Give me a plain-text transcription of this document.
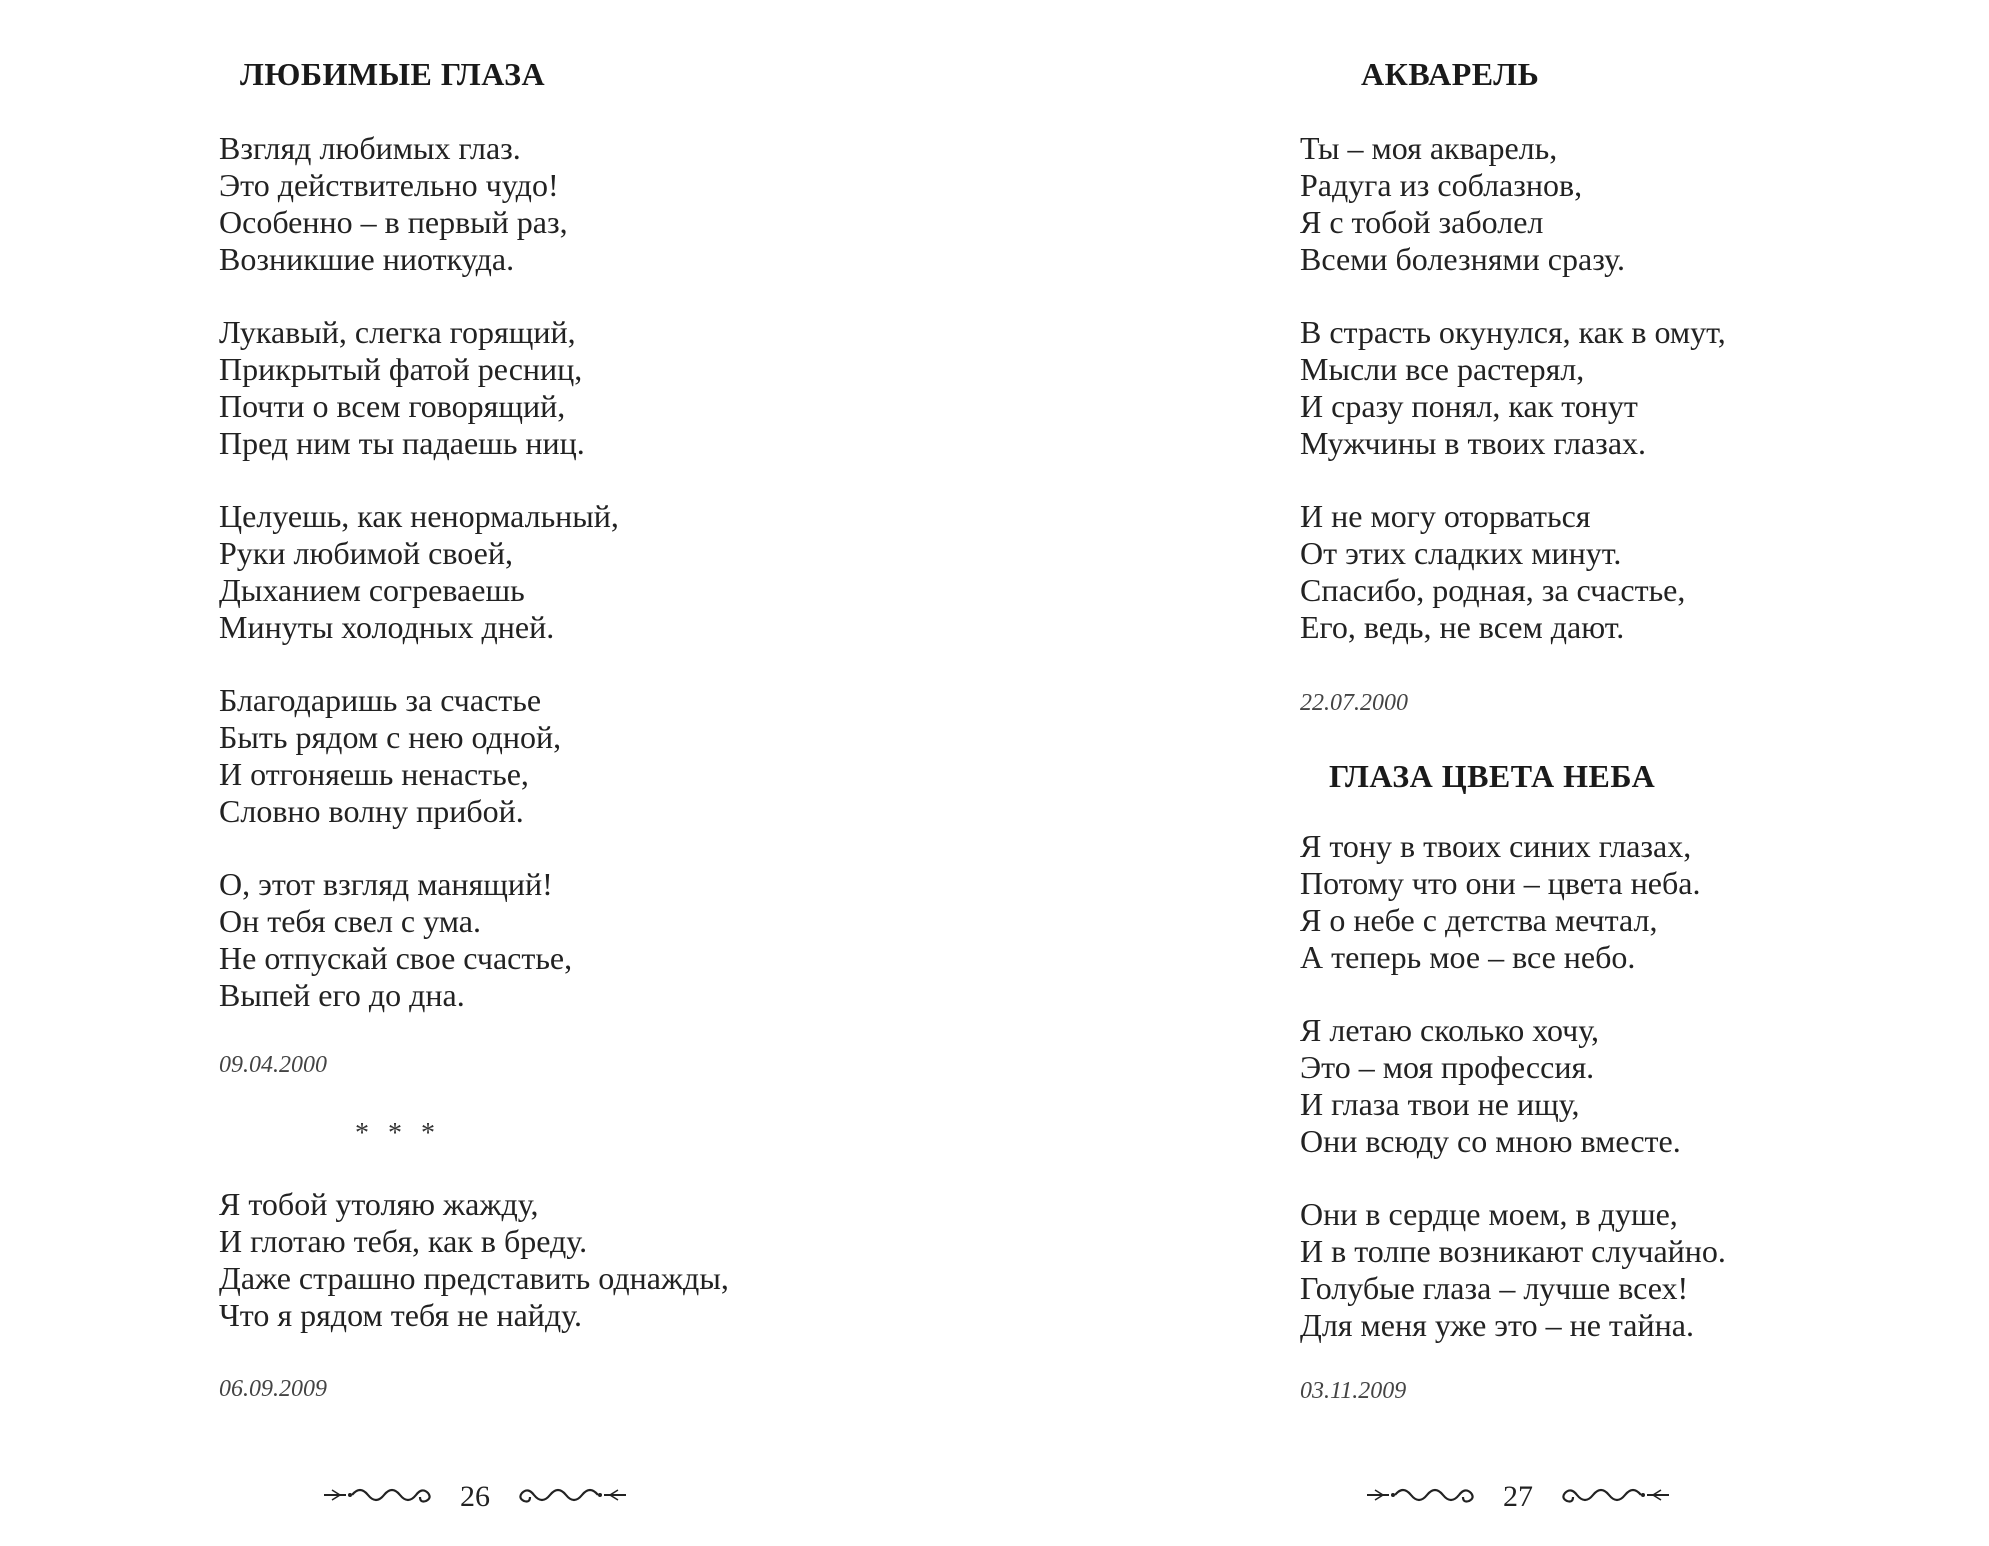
ЛЮБИМЫЕ ГЛАЗА
Взгляд любимых глаз.
Это действительно чудо!
Особенно – в первый раз,
Возникшие ниоткуда.
Лукавый, слегка горящий,
Прикрытый фатой ресниц,
Почти о всем говорящий,
Пред ним ты падаешь ниц.
Целуешь, как ненормальный,
Руки любимой своей,
Дыханием согреваешь
Минуты холодных дней.
Благодаришь за счастье
Быть рядом с нею одной,
И отгоняешь ненастье,
Словно волну прибой.
О, этот взгляд манящий!
Он тебя свел с ума.
Не отпускай свое счастье,
Выпей его до дна.
09.04.2000
* * *
Я тобой утоляю жажду,
И глотаю тебя, как в бреду.
Даже страшно представить однажды,
Что я рядом тебя не найду.
06.09.2009
26
АКВАРЕЛЬ
Ты – моя акварель,
Радуга из соблазнов,
Я с тобой заболел
Всеми болезнями сразу.
В страсть окунулся, как в омут,
Мысли все растерял,
И сразу понял, как тонут
Мужчины в твоих глазах.
И не могу оторваться
От этих сладких минут.
Спасибо, родная, за счастье,
Его, ведь, не всем дают.
22.07.2000
ГЛАЗА ЦВЕТА НЕБА
Я тону в твоих синих глазах,
Потому что они – цвета неба.
Я о небе с детства мечтал,
А теперь мое – все небо.
Я летаю сколько хочу,
Это – моя профессия.
И глаза твои не ищу,
Они всюду со мною вместе.
Они в сердце моем, в душе,
И в толпе возникают случайно.
Голубые глаза – лучше всех!
Для меня уже это – не тайна.
03.11.2009
27
